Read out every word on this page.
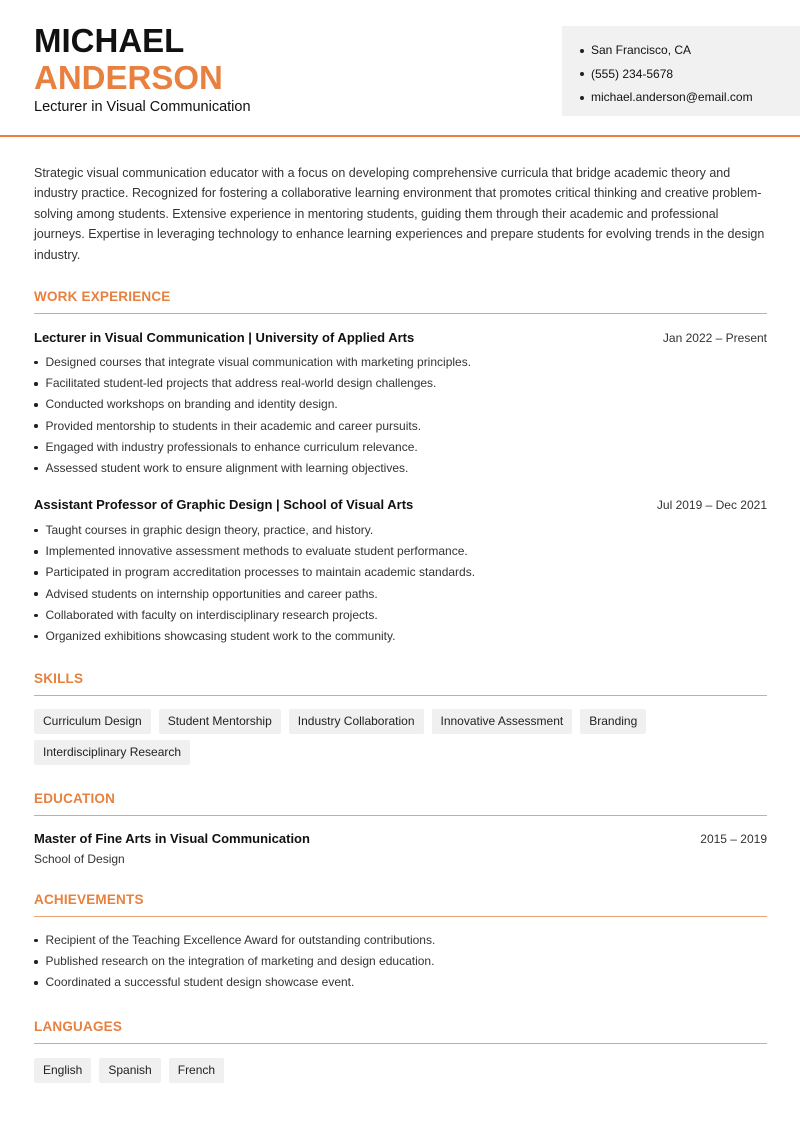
MICHAEL
ANDERSON
Lecturer in Visual Communication
San Francisco, CA
(555) 234-5678
michael.anderson@email.com

Strategic visual communication educator with a focus on developing comprehensive curricula that bridge academic theory and industry practice. Recognized for fostering a collaborative learning environment that promotes critical thinking and creative problem-solving among students. Extensive experience in mentoring students, guiding them through their academic and professional journeys. Expertise in leveraging technology to enhance learning experiences and prepare students for evolving trends in the design industry.

WORK EXPERIENCE
Lecturer in Visual Communication | University of Applied Arts	Jan 2022 – Present
Designed courses that integrate visual communication with marketing principles.
Facilitated student-led projects that address real-world design challenges.
Conducted workshops on branding and identity design.
Provided mentorship to students in their academic and career pursuits.
Engaged with industry professionals to enhance curriculum relevance.
Assessed student work to ensure alignment with learning objectives.
Assistant Professor of Graphic Design | School of Visual Arts	Jul 2019 – Dec 2021
Taught courses in graphic design theory, practice, and history.
Implemented innovative assessment methods to evaluate student performance.
Participated in program accreditation processes to maintain academic standards.
Advised students on internship opportunities and career paths.
Collaborated with faculty on interdisciplinary research projects.
Organized exhibitions showcasing student work to the community.
SKILLS
Curriculum Design	Student Mentorship	Industry Collaboration	Innovative Assessment	Branding
Interdisciplinary Research
EDUCATION
Master of Fine Arts in Visual Communication	2015 – 2019
School of Design
ACHIEVEMENTS
Recipient of the Teaching Excellence Award for outstanding contributions.
Published research on the integration of marketing and design education.
Coordinated a successful student design showcase event.
LANGUAGES
English	Spanish	French
